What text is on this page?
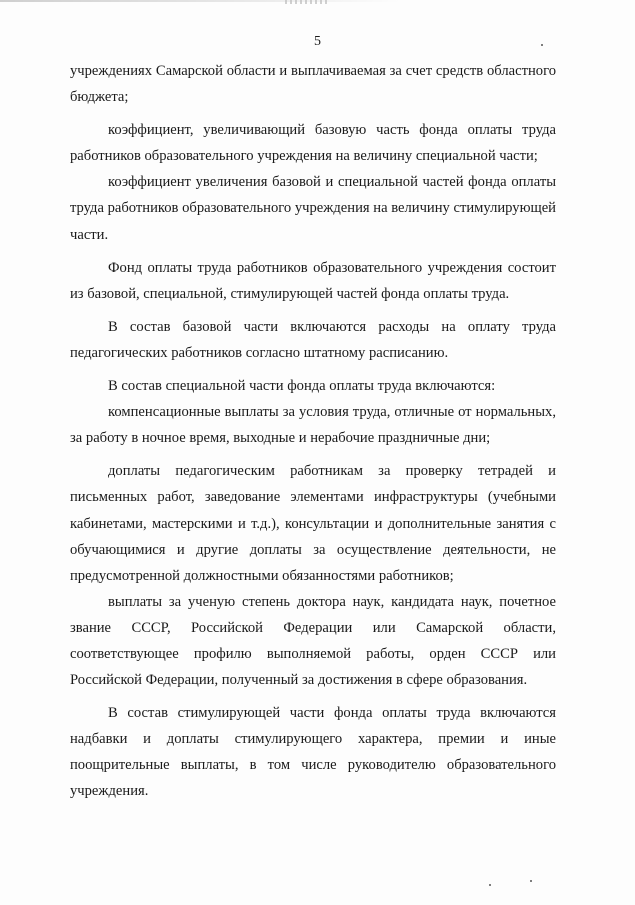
5

учреждениях Самарской области и выплачиваемая за счет средств областного бюджета;

коэффициент, увеличивающий базовую часть фонда оплаты труда работников образовательного учреждения на величину специальной части;

коэффициент увеличения базовой и специальной частей фонда оплаты труда работников образовательного учреждения на величину стимулирующей части.

Фонд оплаты труда работников образовательного учреждения состоит из базовой, специальной, стимулирующей частей фонда оплаты труда.

В состав базовой части включаются расходы на оплату труда педагогических работников согласно штатному расписанию.

В состав специальной части фонда оплаты труда включаются:

компенсационные выплаты за условия труда, отличные от нормальных, за работу в ночное время, выходные и нерабочие праздничные дни;

доплаты педагогическим работникам за проверку тетрадей и письменных работ, заведование элементами инфраструктуры (учебными кабинетами, мастерскими и т.д.), консультации и дополнительные занятия с обучающимися и другие доплаты за осуществление деятельности, не предусмотренной должностными обязанностями работников;

выплаты за ученую степень доктора наук, кандидата наук, почетное звание СССР, Российской Федерации или Самарской области, соответствующее профилю выполняемой работы, орден СССР или Российской Федерации, полученный за достижения в сфере образования.

В состав стимулирующей части фонда оплаты труда включаются надбавки и доплаты стимулирующего характера, премии и иные поощрительные выплаты, в том числе руководителю образовательного учреждения.
